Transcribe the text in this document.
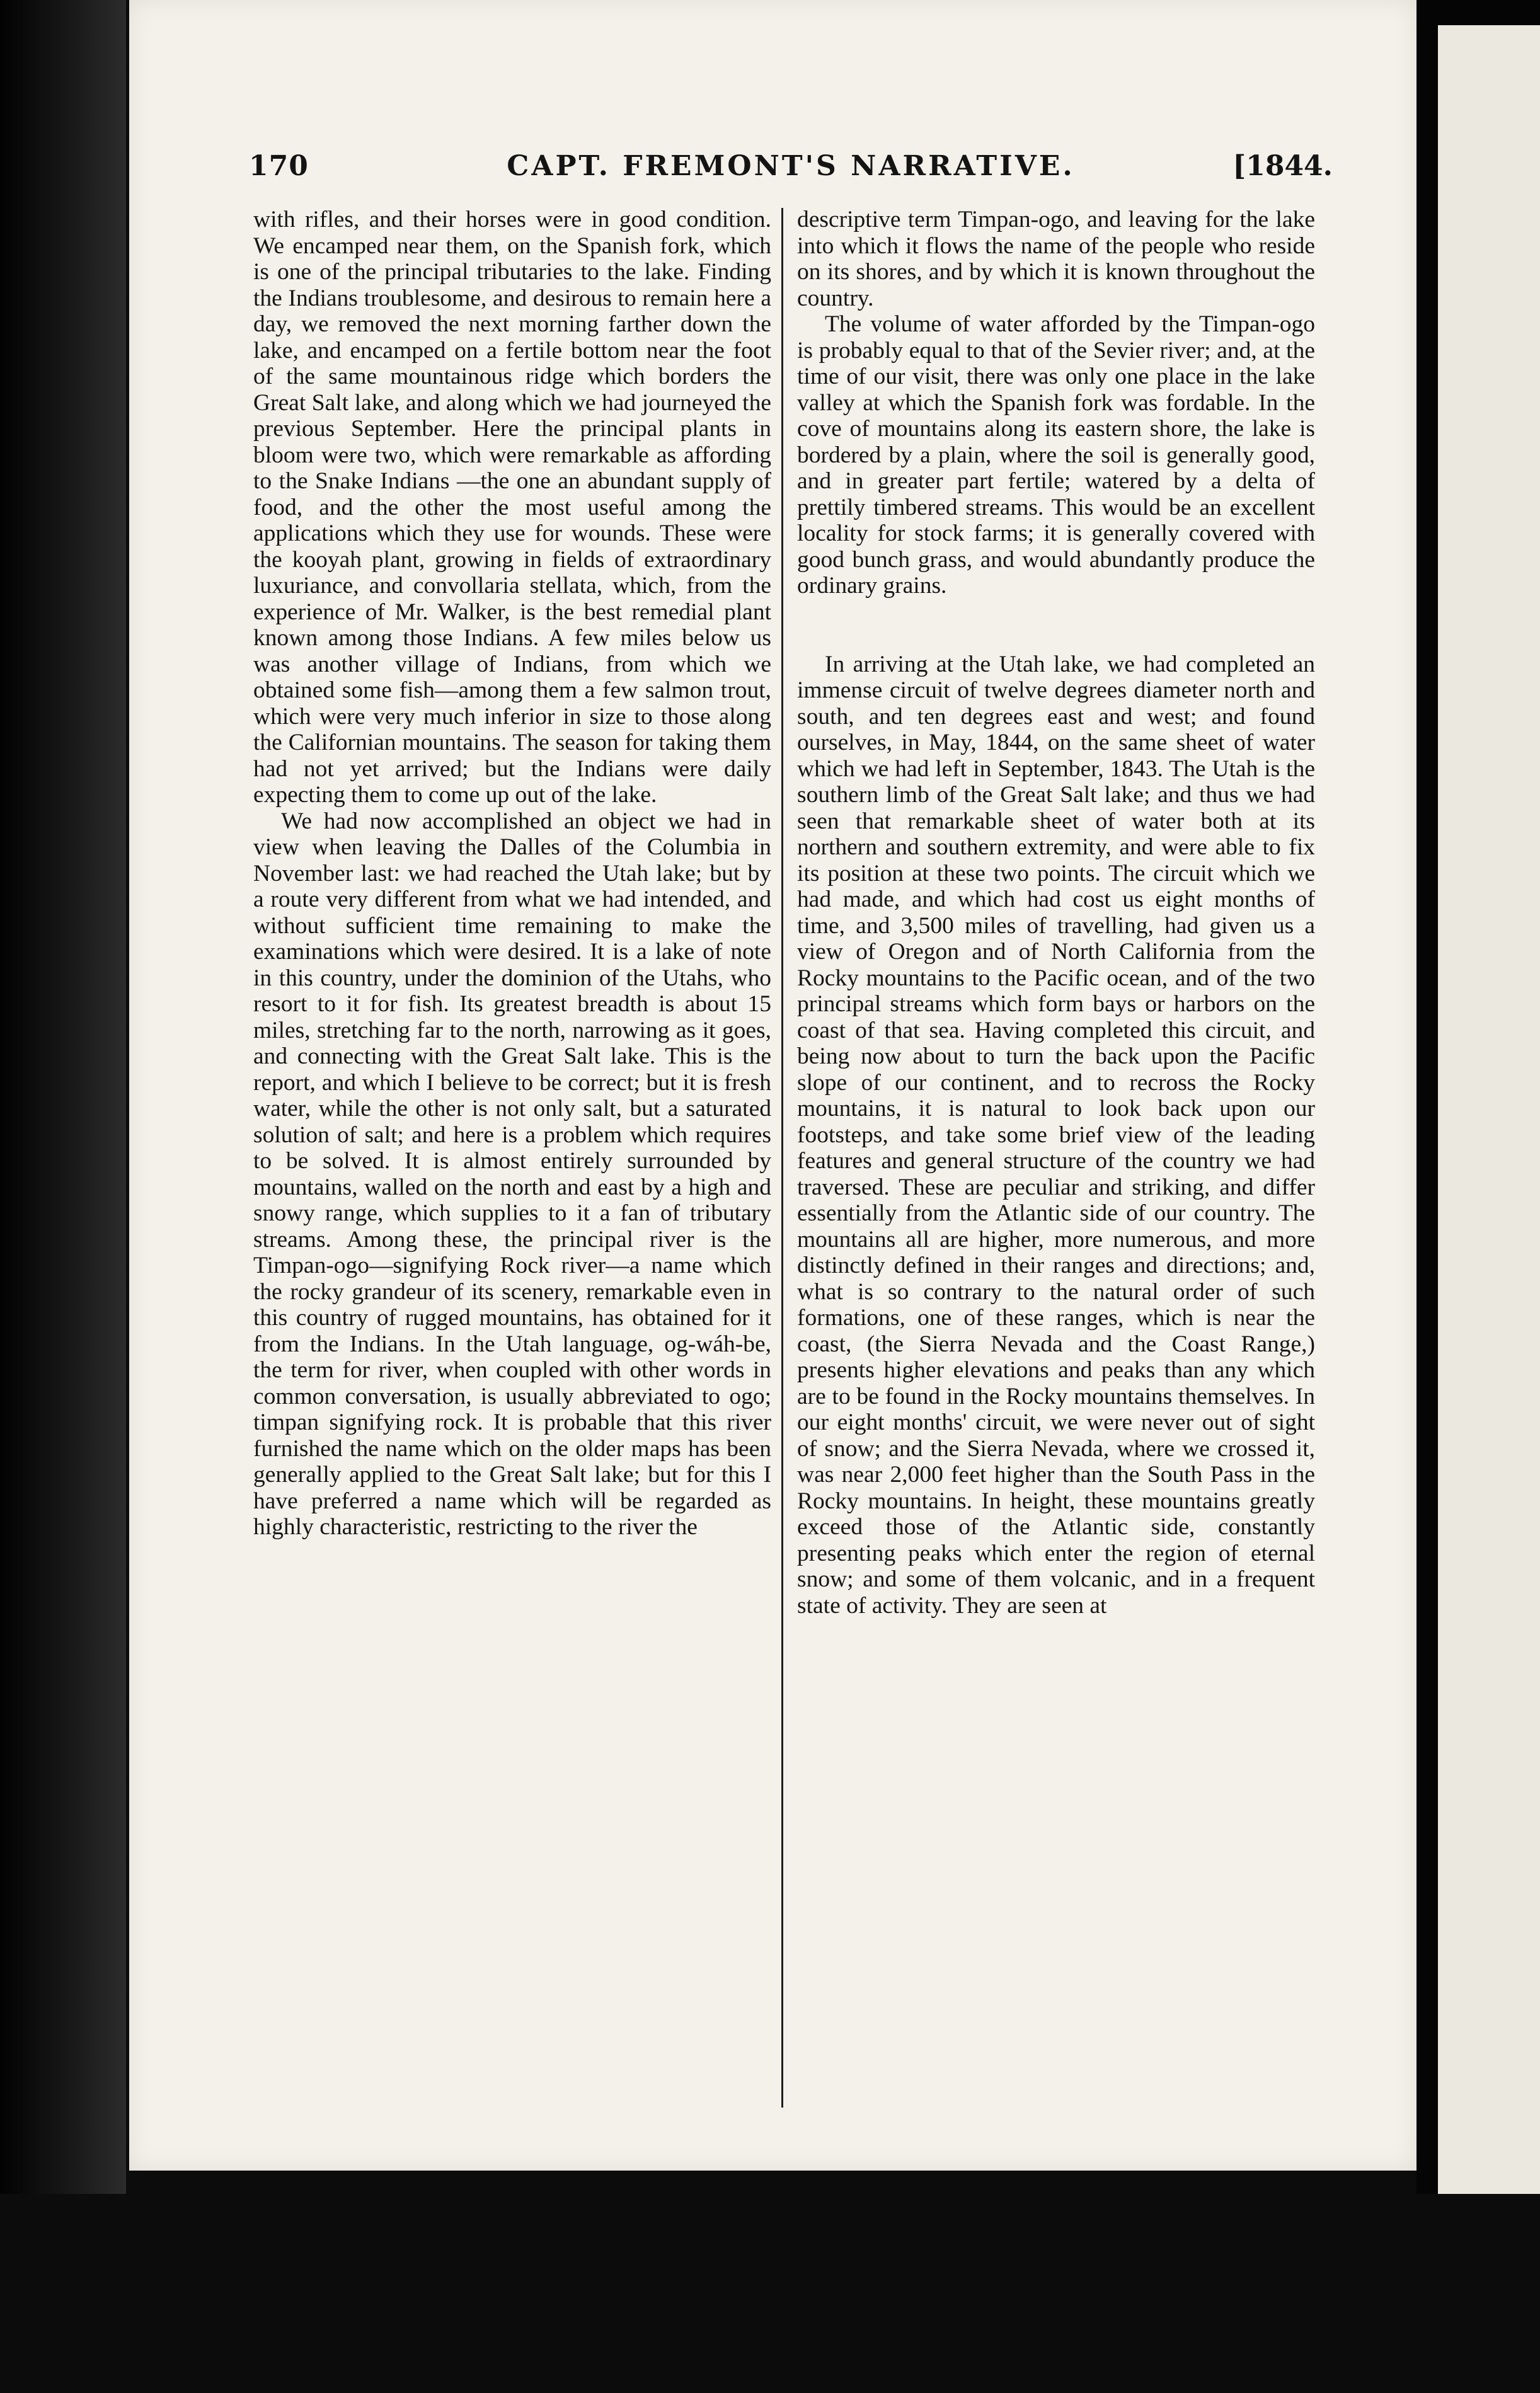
CAPT. FREMONT'S NARRATIVE.
170	[1844.

with rifles, and their horses were in good condition. We encamped near them, on the Spanish fork, which is one of the principal tributaries to the lake. Finding the Indians troublesome, and desirous to remain here a day, we removed the next morning farther down the lake, and encamped on a fertile bottom near the foot of the same mountainous ridge which borders the Great Salt lake, and along which we had journeyed the previous September. Here the principal plants in bloom were two, which were remarkable as affording to the Snake Indians —the one an abundant supply of food, and the other the most useful among the applications which they use for wounds. These were the kooyah plant, growing in fields of extraordinary luxuriance, and convollaria stellata, which, from the experience of Mr. Walker, is the best remedial plant known among those Indians. A few miles below us was another village of Indians, from which we obtained some fish—among them a few salmon trout, which were very much inferior in size to those along the Californian mountains. The season for taking them had not yet arrived; but the Indians were daily expecting them to come up out of the lake.

We had now accomplished an object we had in view when leaving the Dalles of the Columbia in November last: we had reached the Utah lake; but by a route very different from what we had intended, and without sufficient time remaining to make the examinations which were desired. It is a lake of note in this country, under the dominion of the Utahs, who resort to it for fish. Its greatest breadth is about 15 miles, stretching far to the north, narrowing as it goes, and connecting with the Great Salt lake. This is the report, and which I believe to be correct; but it is fresh water, while the other is not only salt, but a saturated solution of salt; and here is a problem which requires to be solved. It is almost entirely surrounded by mountains, walled on the north and east by a high and snowy range, which supplies to it a fan of tributary streams. Among these, the principal river is the Timpan-ogo—signifying Rock river—a name which the rocky grandeur of its scenery, remarkable even in this country of rugged mountains, has obtained for it from the Indians. In the Utah language, og-wáh-be, the term for river, when coupled with other words in common conversation, is usually abbreviated to ogo; timpan signifying rock. It is probable that this river furnished the name which on the older maps has been generally applied to the Great Salt lake; but for this I have preferred a name which will be regarded as highly characteristic, restricting to the river the

descriptive term Timpan-ogo, and leaving for the lake into which it flows the name of the people who reside on its shores, and by which it is known throughout the country.

The volume of water afforded by the Timpan-ogo is probably equal to that of the Sevier river; and, at the time of our visit, there was only one place in the lake valley at which the Spanish fork was fordable. In the cove of mountains along its eastern shore, the lake is bordered by a plain, where the soil is generally good, and in greater part fertile; watered by a delta of prettily timbered streams. This would be an excellent locality for stock farms; it is generally covered with good bunch grass, and would abundantly produce the ordinary grains.

In arriving at the Utah lake, we had completed an immense circuit of twelve degrees diameter north and south, and ten degrees east and west; and found ourselves, in May, 1844, on the same sheet of water which we had left in September, 1843. The Utah is the southern limb of the Great Salt lake; and thus we had seen that remarkable sheet of water both at its northern and southern extremity, and were able to fix its position at these two points. The circuit which we had made, and which had cost us eight months of time, and 3,500 miles of travelling, had given us a view of Oregon and of North California from the Rocky mountains to the Pacific ocean, and of the two principal streams which form bays or harbors on the coast of that sea. Having completed this circuit, and being now about to turn the back upon the Pacific slope of our continent, and to recross the Rocky mountains, it is natural to look back upon our footsteps, and take some brief view of the leading features and general structure of the country we had traversed. These are peculiar and striking, and differ essentially from the Atlantic side of our country. The mountains all are higher, more numerous, and more distinctly defined in their ranges and directions; and, what is so contrary to the natural order of such formations, one of these ranges, which is near the coast, (the Sierra Nevada and the Coast Range,) presents higher elevations and peaks than any which are to be found in the Rocky mountains themselves. In our eight months' circuit, we were never out of sight of snow; and the Sierra Nevada, where we crossed it, was near 2,000 feet higher than the South Pass in the Rocky mountains. In height, these mountains greatly exceed those of the Atlantic side, constantly presenting peaks which enter the region of eternal snow; and some of them volcanic, and in a frequent state of activity. They are seen at
